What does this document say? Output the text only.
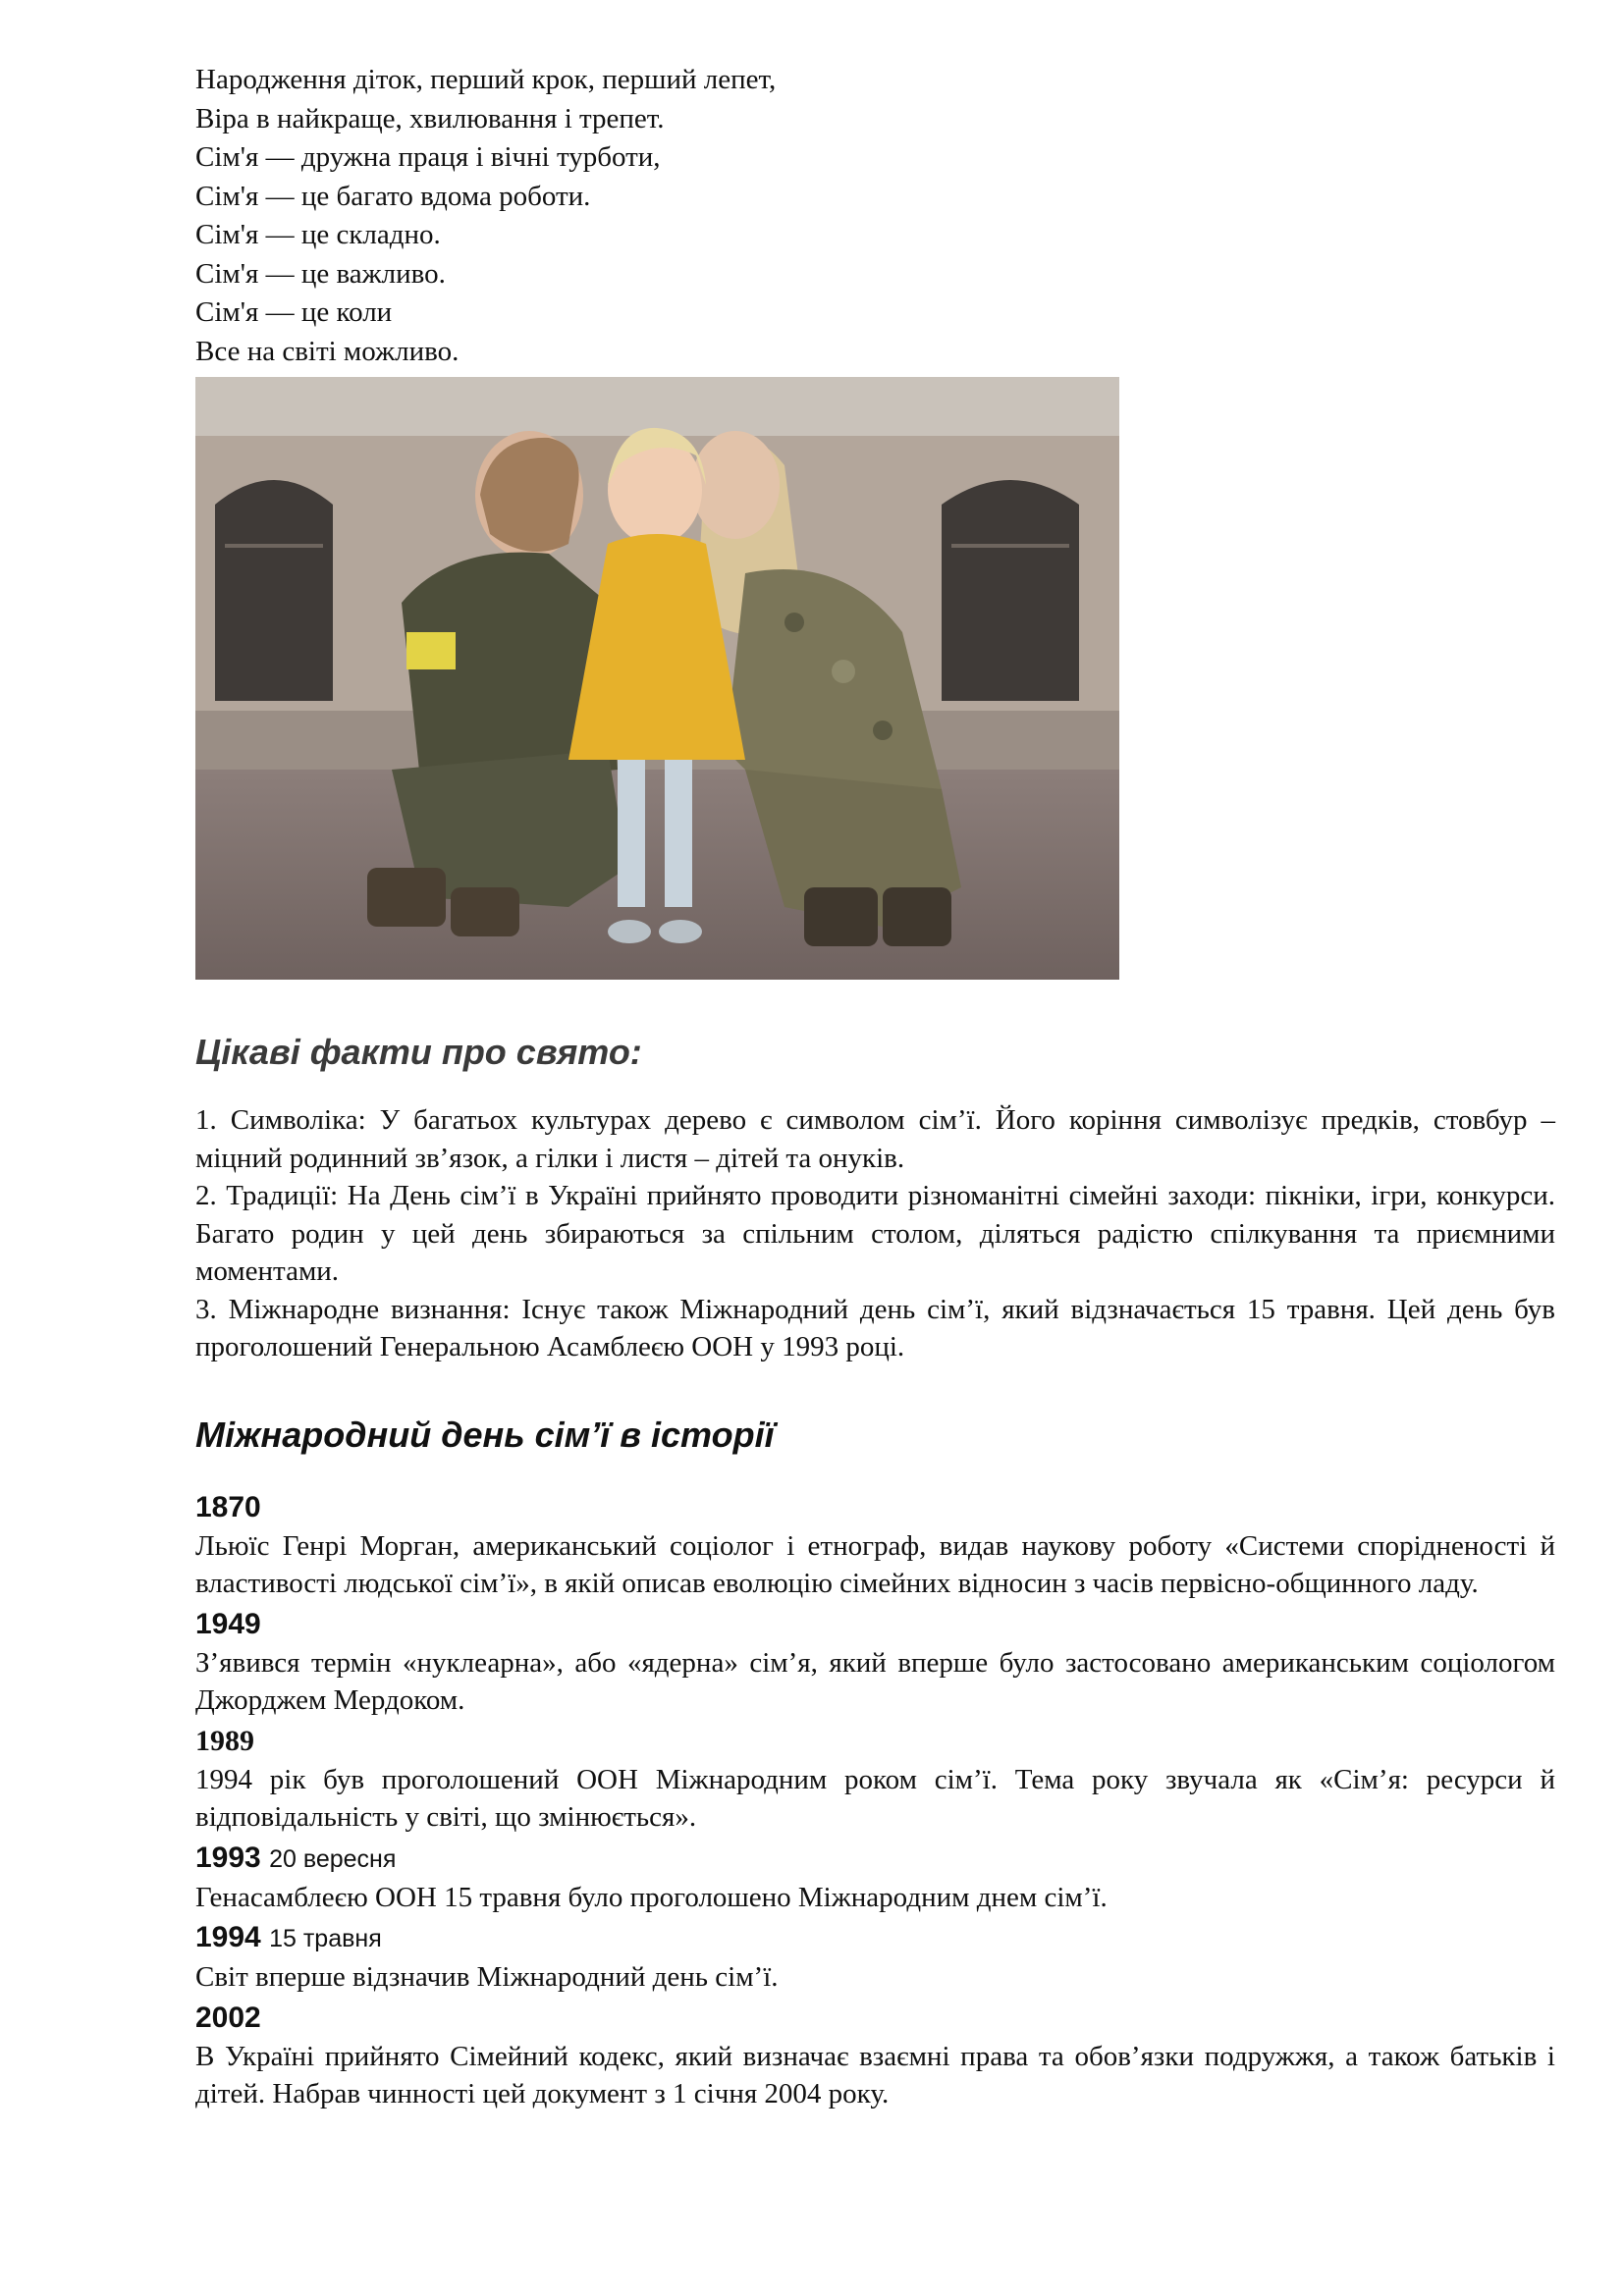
Народження діток, перший крок, перший лепет,
Віра в найкраще, хвилювання і трепет.
Сім'я — дружна праця і вічні турботи,
Сім'я — це багато вдома роботи.
Сім'я — це складно.
Сім'я — це важливо.
Сім'я — це коли
Все на світі можливо.
Цікаві факти про свято:

1. Символіка: У багатьох культурах дерево є символом сім’ї. Його коріння символізує предків, стовбур – міцний родинний зв’язок, а гілки і листя – дітей та онуків.

2. Традиції: На День сім’ї в Україні прийнято проводити різноманітні сімейні заходи: пікніки, ігри, конкурси. Багато родин у цей день збираються за спільним столом, діляться радістю спілкування та приємними моментами.

3. Міжнародне визнання: Існує також Міжнародний день сім’ї, який відзначається 15 травня. Цей день був проголошений Генеральною Асамблеєю ООН у 1993 році.

Міжнародний день сім’ї в історії
1870

Льюїс Генрі Морган, американський соціолог і етнограф, видав наукову роботу «Системи спорідненості й властивості людської сім’ї», в якій описав еволюцію сімейних відносин з часів первісно-общинного ладу.

1949

З’явився термін «нуклеарна», або «ядерна» сім’я, який вперше було застосовано американським соціологом Джорджем Мердоком.

1989

1994 рік був проголошений ООН Міжнародним роком сім’ї. Тема року звучала як «Сім’я: ресурси й відповідальність у світі, що змінюється».

1993 20 вересня

Генасамблеєю ООН 15 травня було проголошено Міжнародним днем сім’ї.

1994 15 травня

Світ вперше відзначив Міжнародний день сім’ї.

2002

В Україні прийнято Сімейний кодекс, який визначає взаємні права та обов’язки подружжя, а також батьків і дітей. Набрав чинності цей документ з 1 січня 2004 року.
